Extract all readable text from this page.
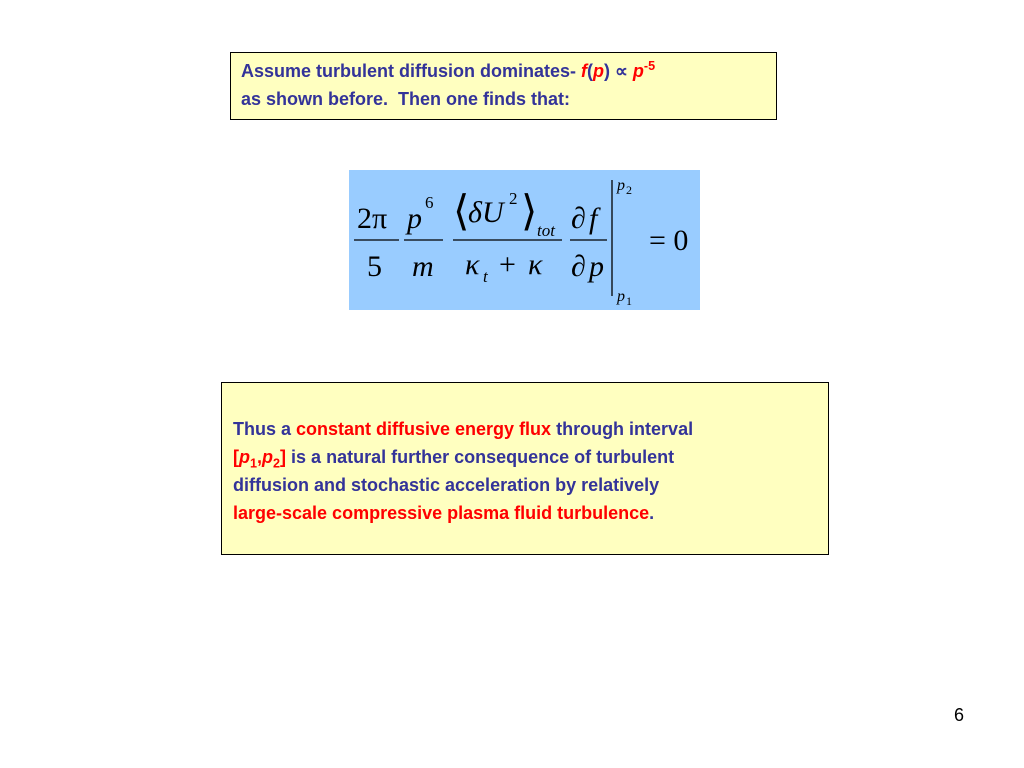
Assume turbulent diffusion dominates- $f(p) \propto p^{-5}$
as shown before.  Then one finds that:
2π
5
p 6
m
⟨
δ U 2 ⟩ tot
κ t + κ
∂ f
∂ p
p 2
p 1
= 0
Thus a constant diffusive energy flux through interval
$[p_1,p_2]$ is a natural further consequence of turbulent
diffusion and stochastic acceleration by relatively
large-scale compressive plasma fluid turbulence.
6
